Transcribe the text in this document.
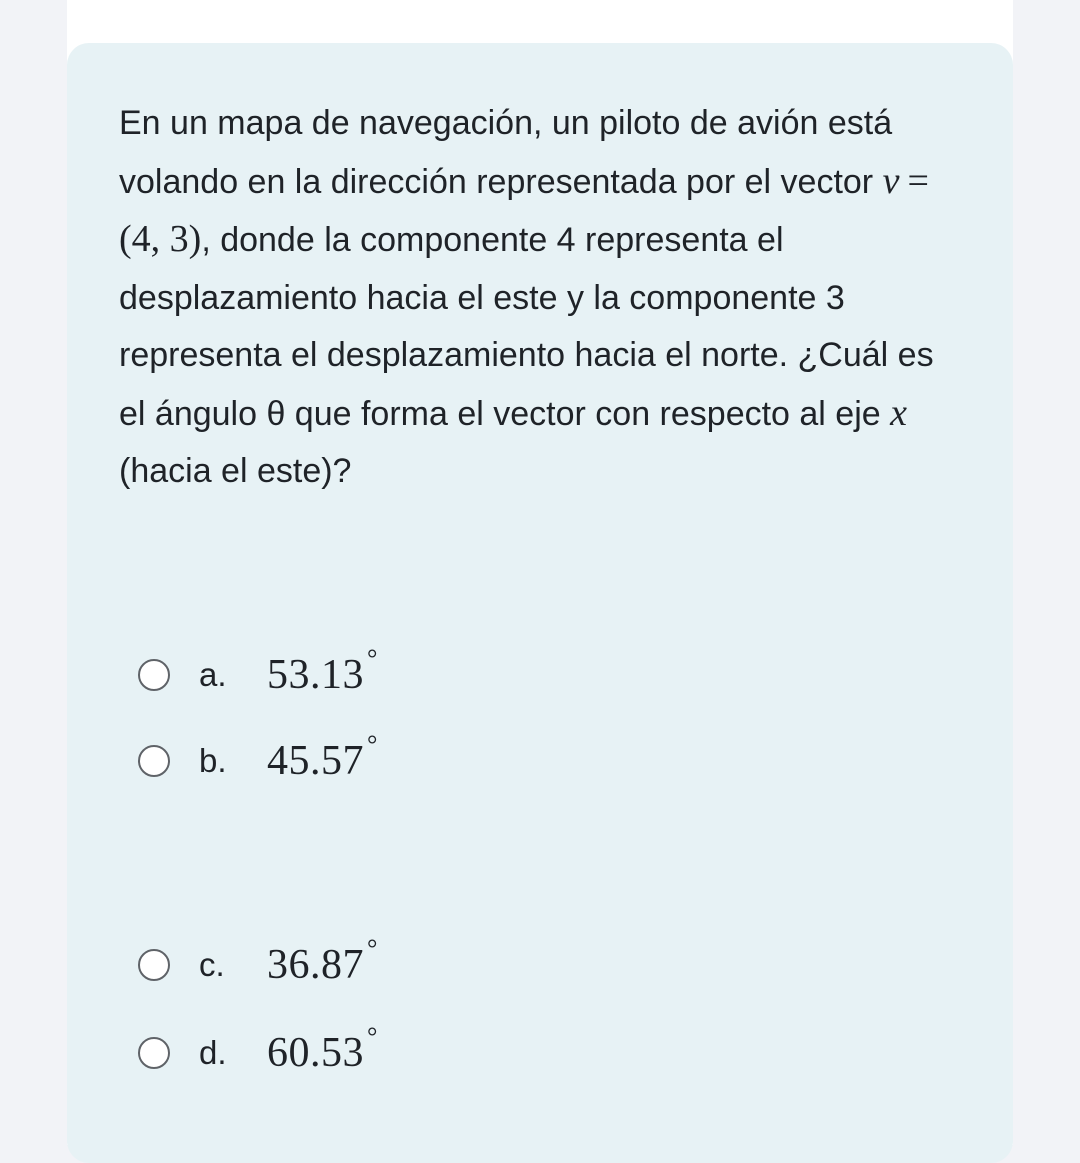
En un mapa de navegación, un piloto de avión está volando en la dirección representada por el vector v =(4, 3), donde la componente 4 representa el desplazamiento hacia el este y la componente 3 representa el desplazamiento hacia el norte. ¿Cuál es el ángulo θ que forma el vector con respecto al eje x (hacia el este)?

a. 53.13 °
b. 45.57 °
c.	36.87 °
d. 60.53 °
